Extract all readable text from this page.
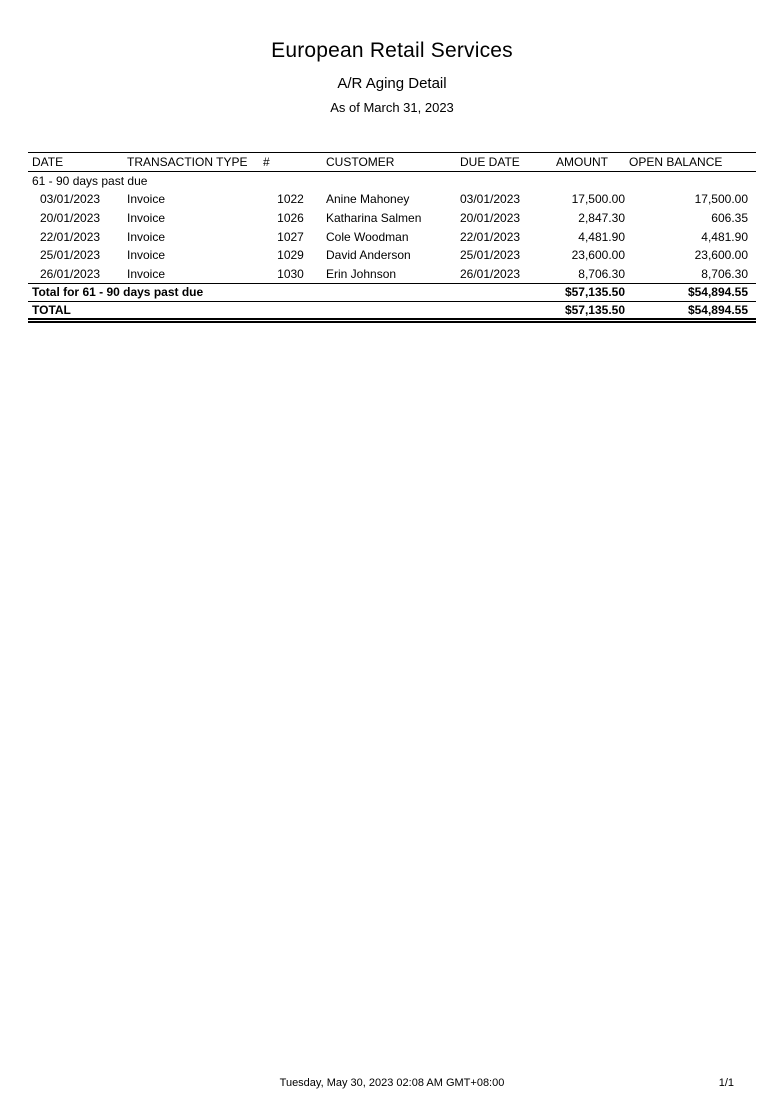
European Retail Services
A/R Aging Detail
As of March 31, 2023
DATE	TRANSACTION TYPE	#	CUSTOMER	DUE DATE	AMOUNT	OPEN BALANCE
61 - 90 days past due						
03/01/2023	Invoice	1022	Anine Mahoney	03/01/2023	17,500.00	17,500.00
20/01/2023	Invoice	1026	Katharina Salmen	20/01/2023	2,847.30	606.35
22/01/2023	Invoice	1027	Cole Woodman	22/01/2023	4,481.90	4,481.90
25/01/2023	Invoice	1029	David Anderson	25/01/2023	23,600.00	23,600.00
26/01/2023	Invoice	1030	Erin Johnson	26/01/2023	8,706.30	8,706.30
Total for 61 - 90 days past due					$57,135.50	$54,894.55
TOTAL					$57,135.50	$54,894.55
Tuesday, May 30, 2023 02:08 AM GMT+08:00	1/1
